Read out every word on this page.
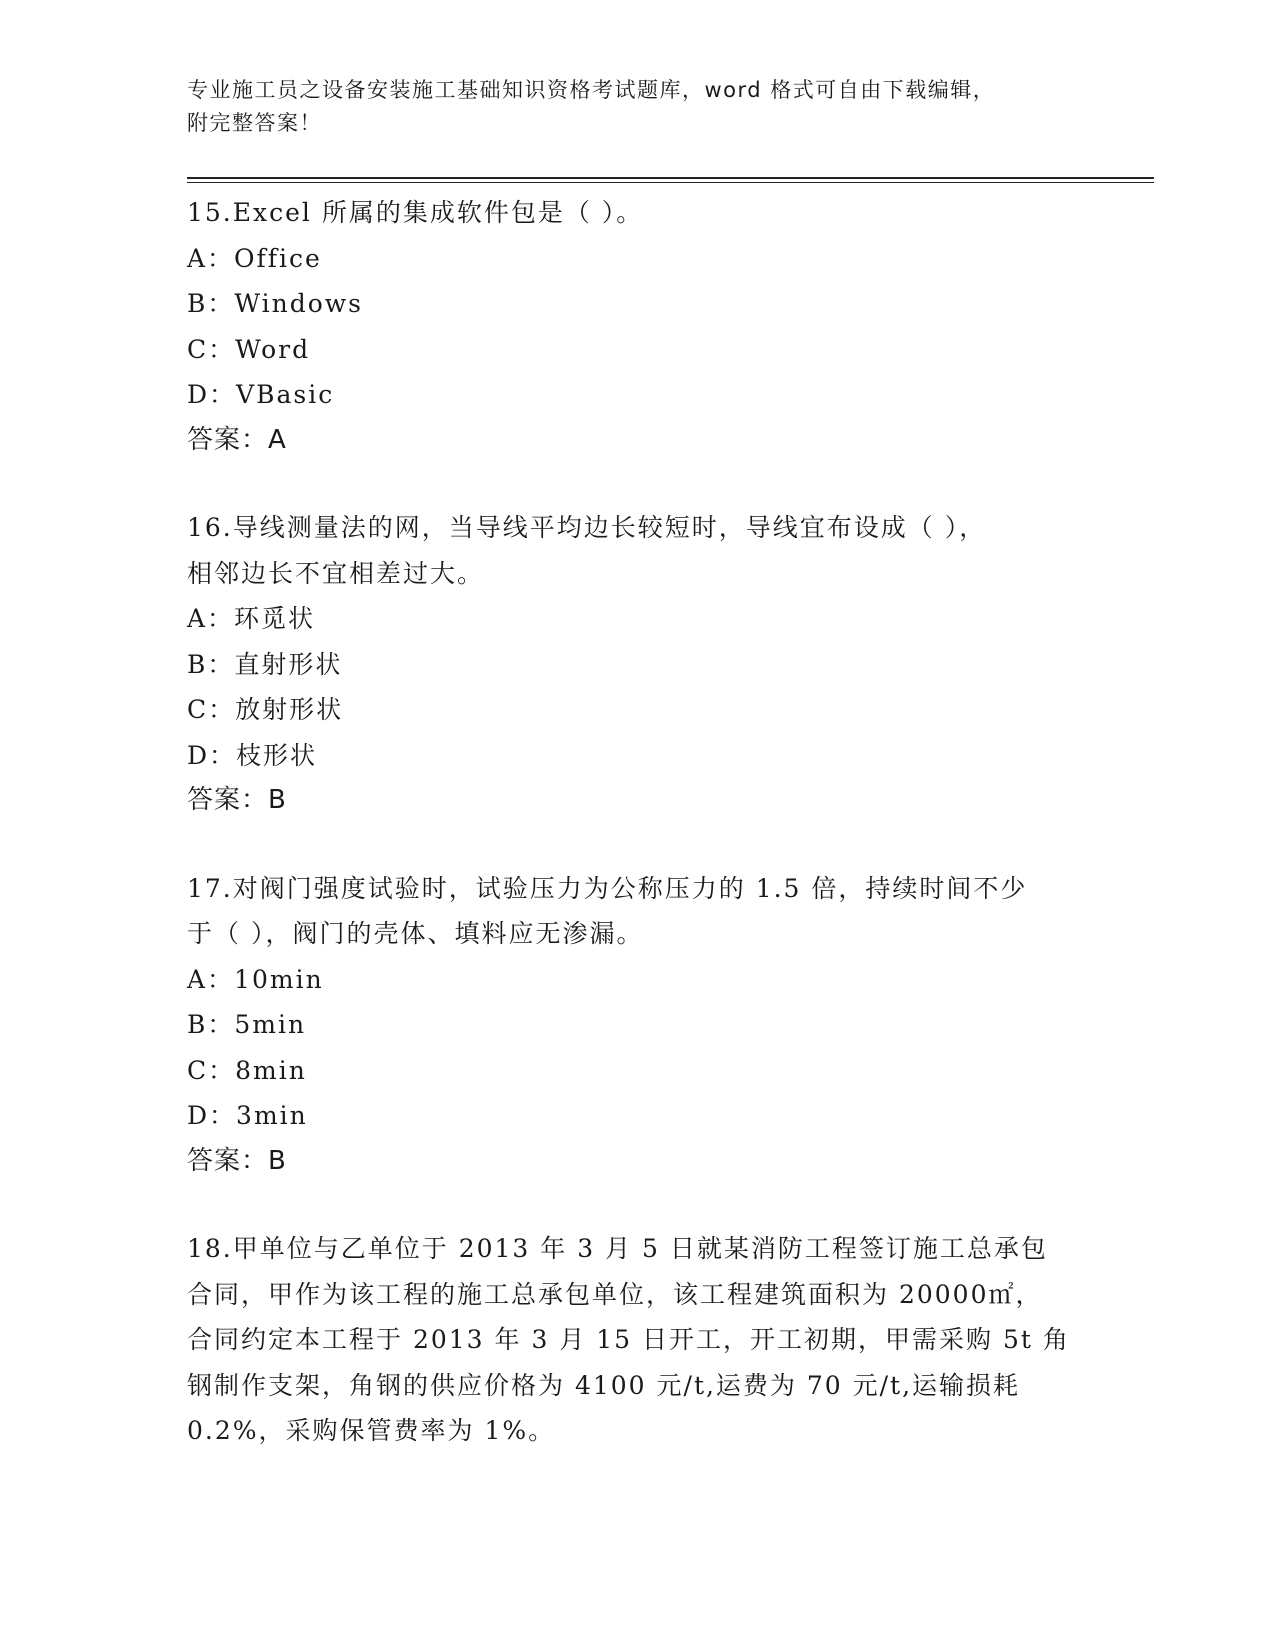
专业施工员之设备安装施工基础知识资格考试题库，word 格式可自由下载编辑，
附完整答案！
15.Excel 所属的集成软件包是（ ）。
A：Office
B：Windows
C：Word
D：VBasic
答案：A
16.导线测量法的网，当导线平均边长较短时，导线宜布设成（ ），
相邻边长不宜相差过大。
A：环觅状
B：直射形状
C：放射形状
D：枝形状
答案：B
17.对阀门强度试验时，试验压力为公称压力的 1.5 倍，持续时间不少
于（ ），阀门的壳体、填料应无渗漏。
A：10min
B：5min
C：8min
D：3min
答案：B
18.甲单位与乙单位于 2013 年 3 月 5 日就某消防工程签订施工总承包
合同，甲作为该工程的施工总承包单位，该工程建筑面积为 20000㎡，
合同约定本工程于 2013 年 3 月 15 日开工，开工初期，甲需采购 5t 角
钢制作支架，角钢的供应价格为 4100 元/t,运费为 70 元/t,运输损耗
0.2%，采购保管费率为 1%。
